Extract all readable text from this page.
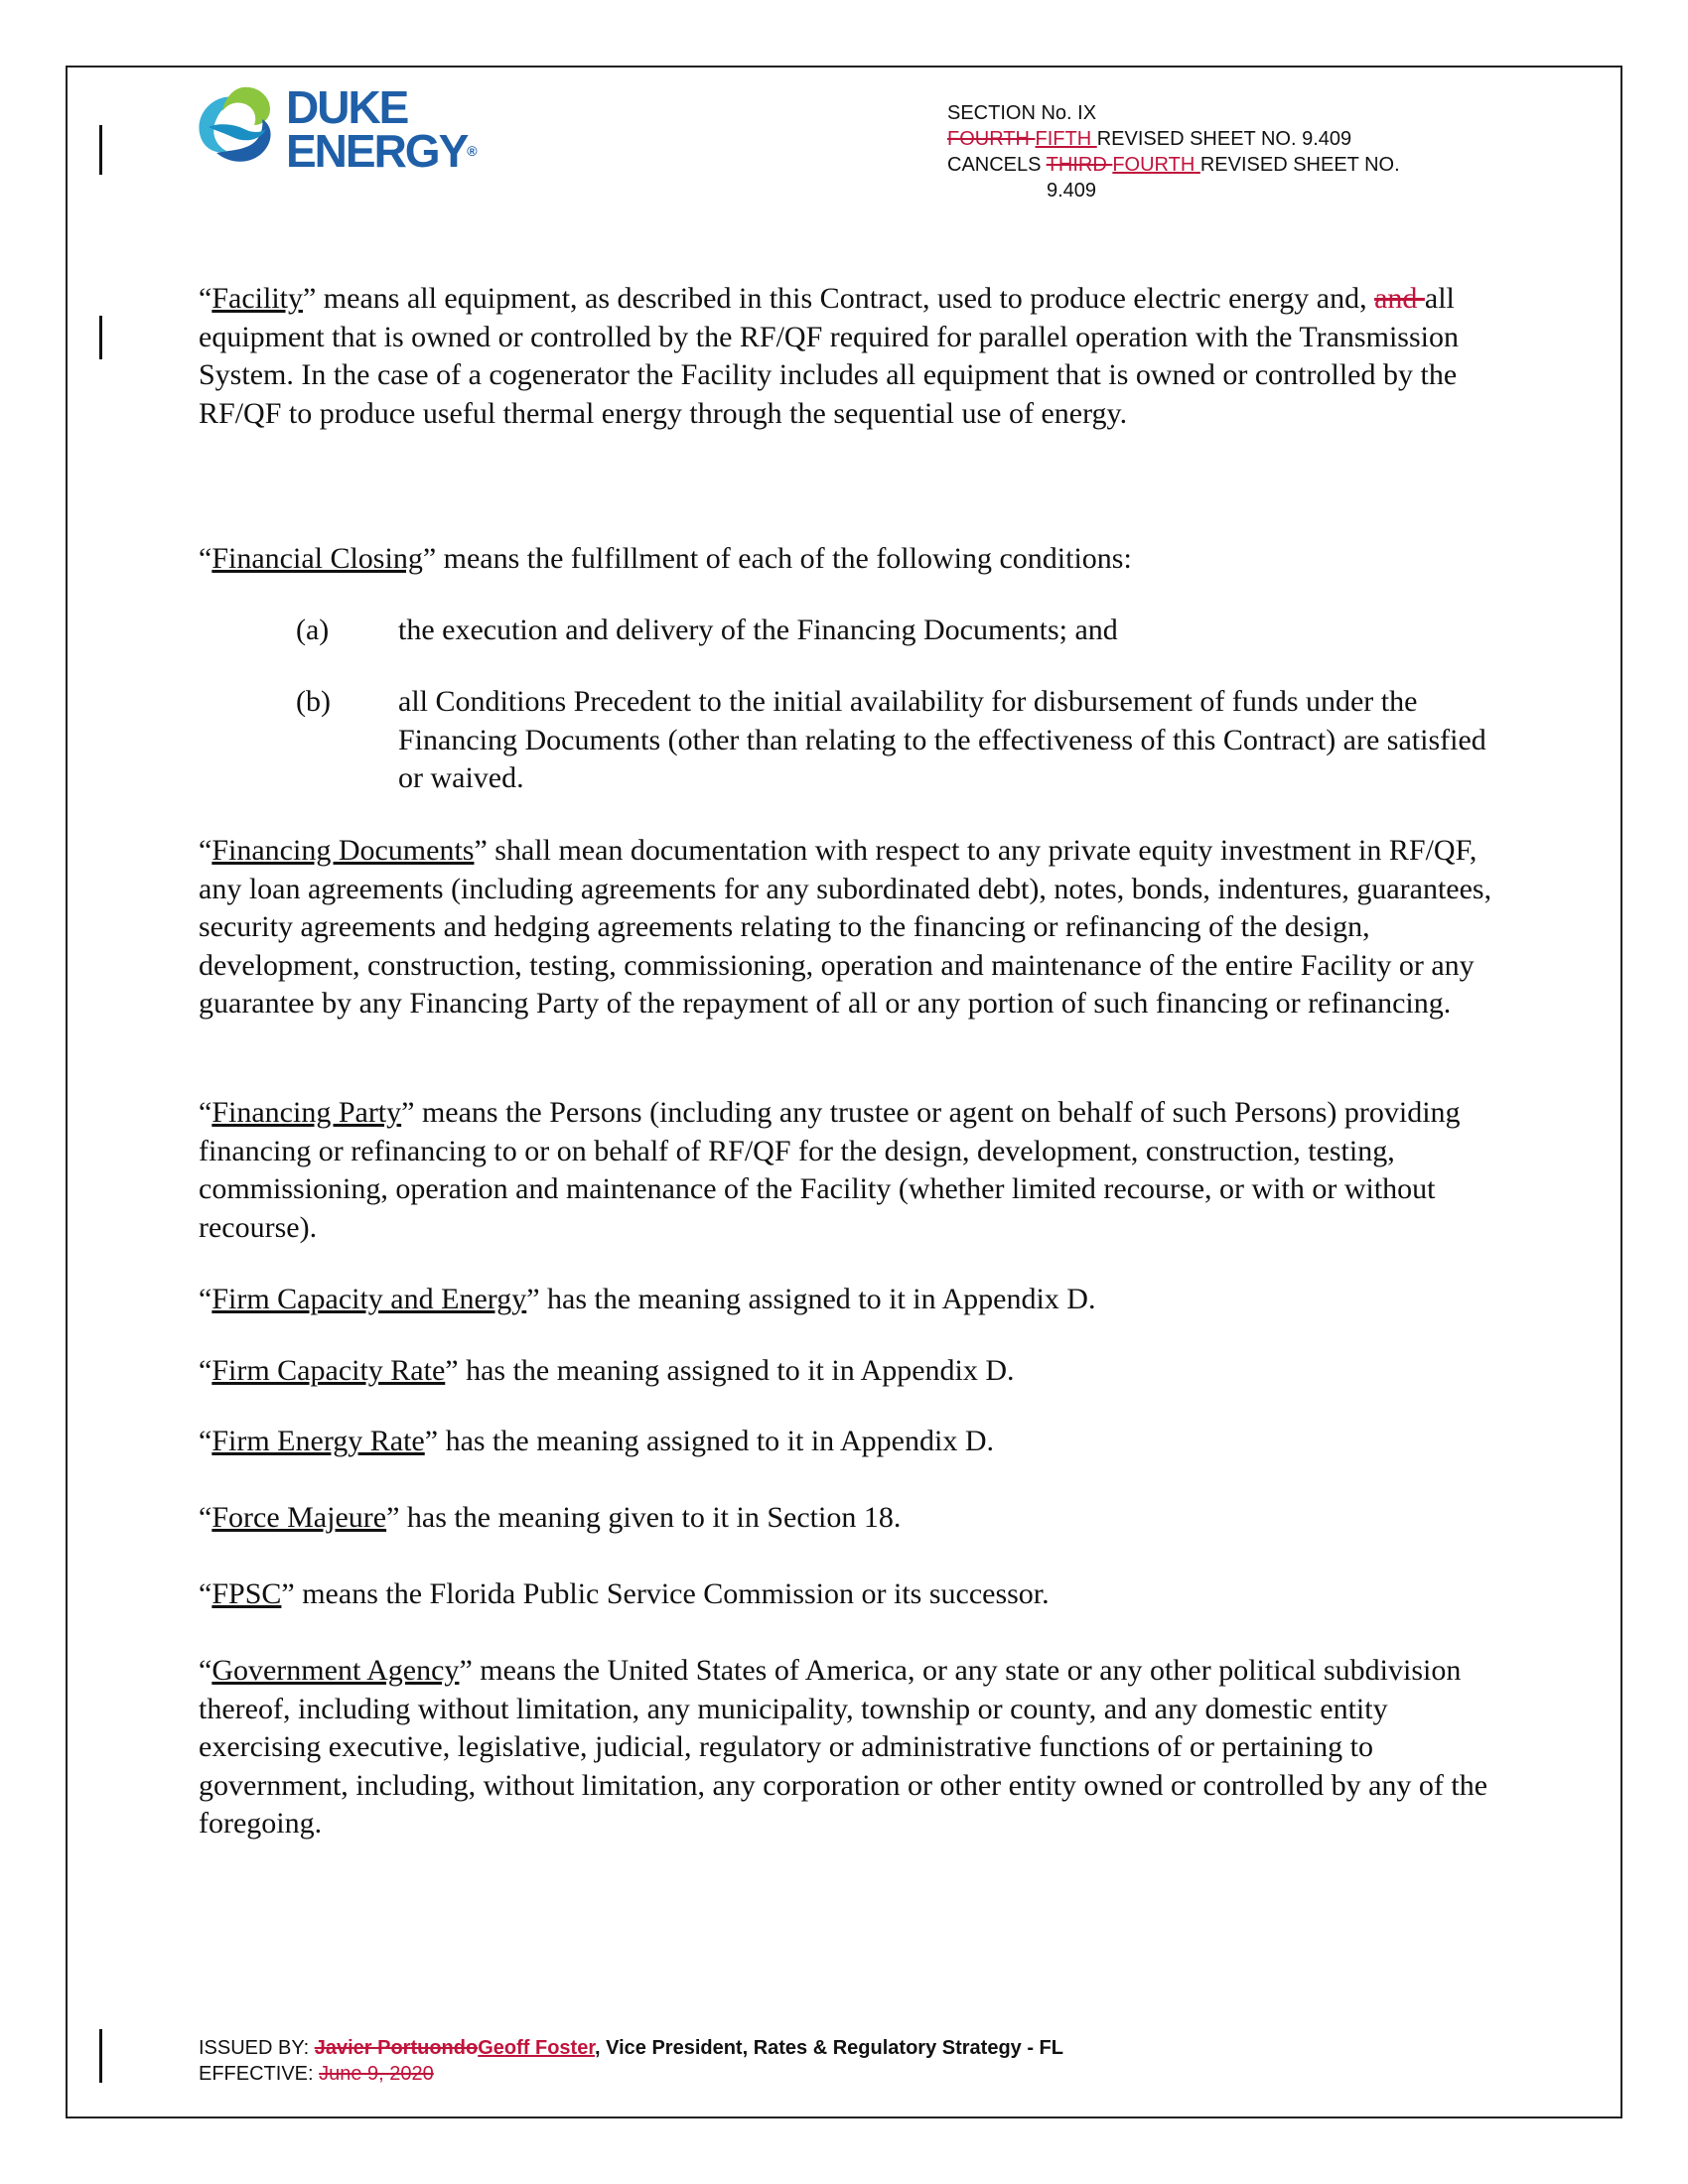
DUKE
ENERGY®
SECTION No. IX
FOURTH FIFTH REVISED SHEET NO. 9.409
CANCELS THIRD FOURTH REVISED SHEET NO.
9.409
“Facility” means all equipment, as described in this Contract, used to produce electric energy and, and all equipment that is owned or controlled by the RF/QF required for parallel operation with the Transmission System. In the case of a cogenerator the Facility includes all equipment that is owned or controlled by the RF/QF to produce useful thermal energy through the sequential use of energy.
“Financial Closing” means the fulfillment of each of the following conditions:
(a) the execution and delivery of the Financing Documents; and
(b) all Conditions Precedent to the initial availability for disbursement of funds under the Financing Documents (other than relating to the effectiveness of this Contract) are satisfied or waived.
“Financing Documents” shall mean documentation with respect to any private equity investment in RF/QF, any loan agreements (including agreements for any subordinated debt), notes, bonds, indentures, guarantees, security agreements and hedging agreements relating to the financing or refinancing of the design, development, construction, testing, commissioning, operation and maintenance of the entire Facility or any guarantee by any Financing Party of the repayment of all or any portion of such financing or refinancing.
“Financing Party” means the Persons (including any trustee or agent on behalf of such Persons) providing financing or refinancing to or on behalf of RF/QF for the design, development, construction, testing, commissioning, operation and maintenance of the Facility (whether limited recourse, or with or without recourse).
“Firm Capacity and Energy” has the meaning assigned to it in Appendix D.
“Firm Capacity Rate” has the meaning assigned to it in Appendix D.
“Firm Energy Rate” has the meaning assigned to it in Appendix D.
“Force Majeure” has the meaning given to it in Section 18.
“FPSC” means the Florida Public Service Commission or its successor.
“Government Agency” means the United States of America, or any state or any other political subdivision thereof, including without limitation, any municipality, township or county, and any domestic entity exercising executive, legislative, judicial, regulatory or administrative functions of or pertaining to government, including, without limitation, any corporation or other entity owned or controlled by any of the foregoing.
ISSUED BY: Javier PortuondoGeoff Foster, Vice President, Rates & Regulatory Strategy - FL
EFFECTIVE: June 9, 2020
